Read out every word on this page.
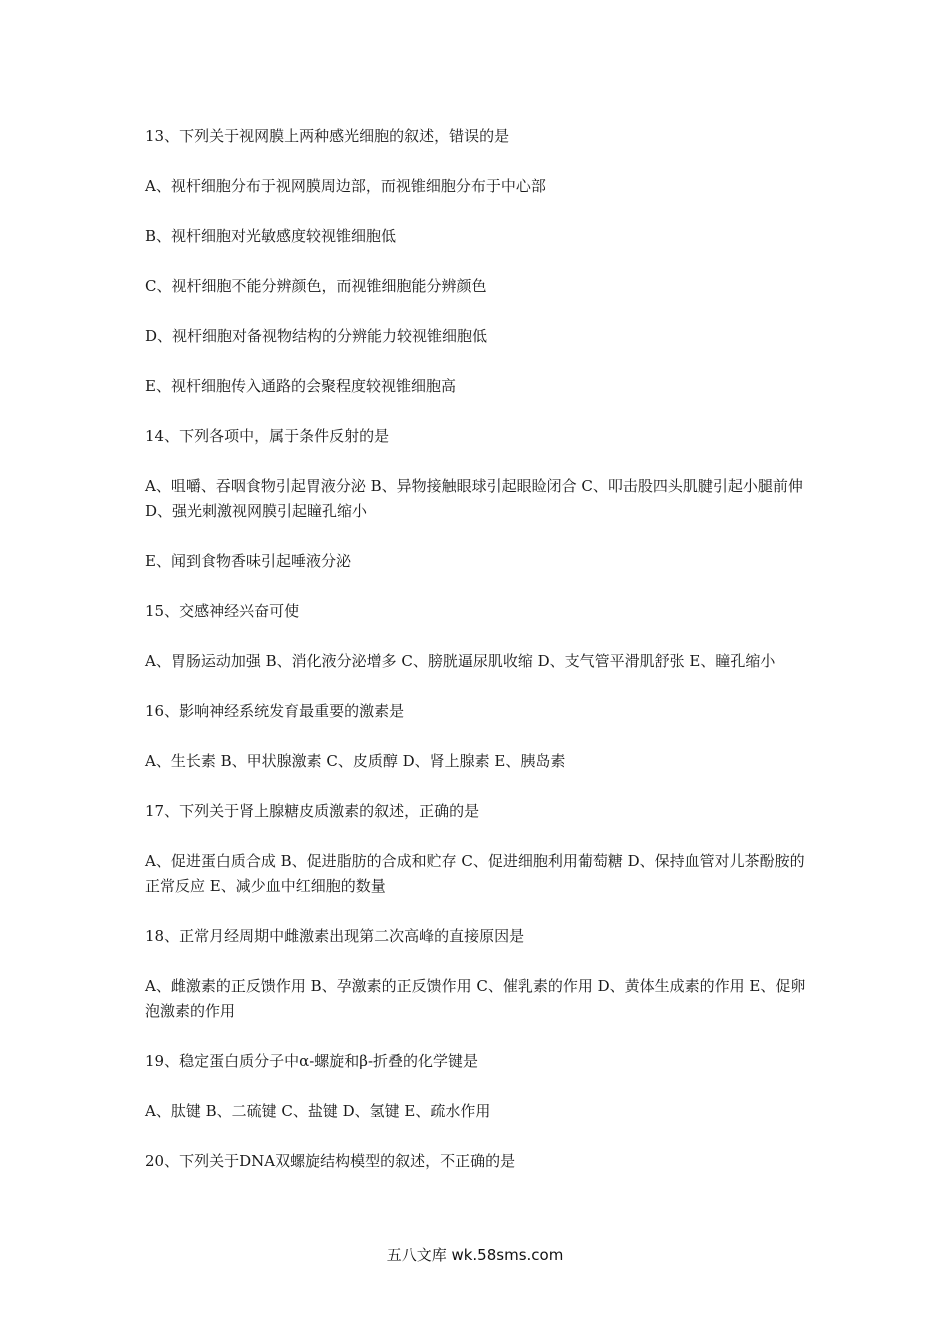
13、下列关于视网膜上两种感光细胞的叙述，错误的是

A、视杆细胞分布于视网膜周边部，而视锥细胞分布于中心部

B、视杆细胞对光敏感度较视锥细胞低

C、视杆细胞不能分辨颜色，而视锥细胞能分辨颜色

D、视杆细胞对备视物结构的分辨能力较视锥细胞低

E、视杆细胞传入通路的会聚程度较视锥细胞高

14、下列各项中，属于条件反射的是

A、咀嚼、吞咽食物引起胃液分泌 B、异物接触眼球引起眼睑闭合 C、叩击股四头肌腱引起小腿前伸 D、强光刺激视网膜引起瞳孔缩小

E、闻到食物香味引起唾液分泌

15、交感神经兴奋可使

A、胃肠运动加强 B、消化液分泌增多 C、膀胱逼尿肌收缩 D、支气管平滑肌舒张 E、瞳孔缩小

16、影响神经系统发育最重要的激素是

A、生长素 B、甲状腺激素 C、皮质醇 D、肾上腺素 E、胰岛素

17、下列关于肾上腺糖皮质激素的叙述，正确的是

A、促进蛋白质合成 B、促进脂肪的合成和贮存 C、促进细胞利用葡萄糖 D、保持血管对儿茶酚胺的正常反应 E、减少血中红细胞的数量

18、正常月经周期中雌激素出现第二次高峰的直接原因是

A、雌激素的正反馈作用 B、孕激素的正反馈作用 C、催乳素的作用 D、黄体生成素的作用 E、促卵泡激素的作用

19、稳定蛋白质分子中α-螺旋和β-折叠的化学键是

A、肽键 B、二硫键 C、盐键 D、氢键 E、疏水作用

20、下列关于DNA双螺旋结构模型的叙述，不正确的是

五八文库 wk.58sms.com
